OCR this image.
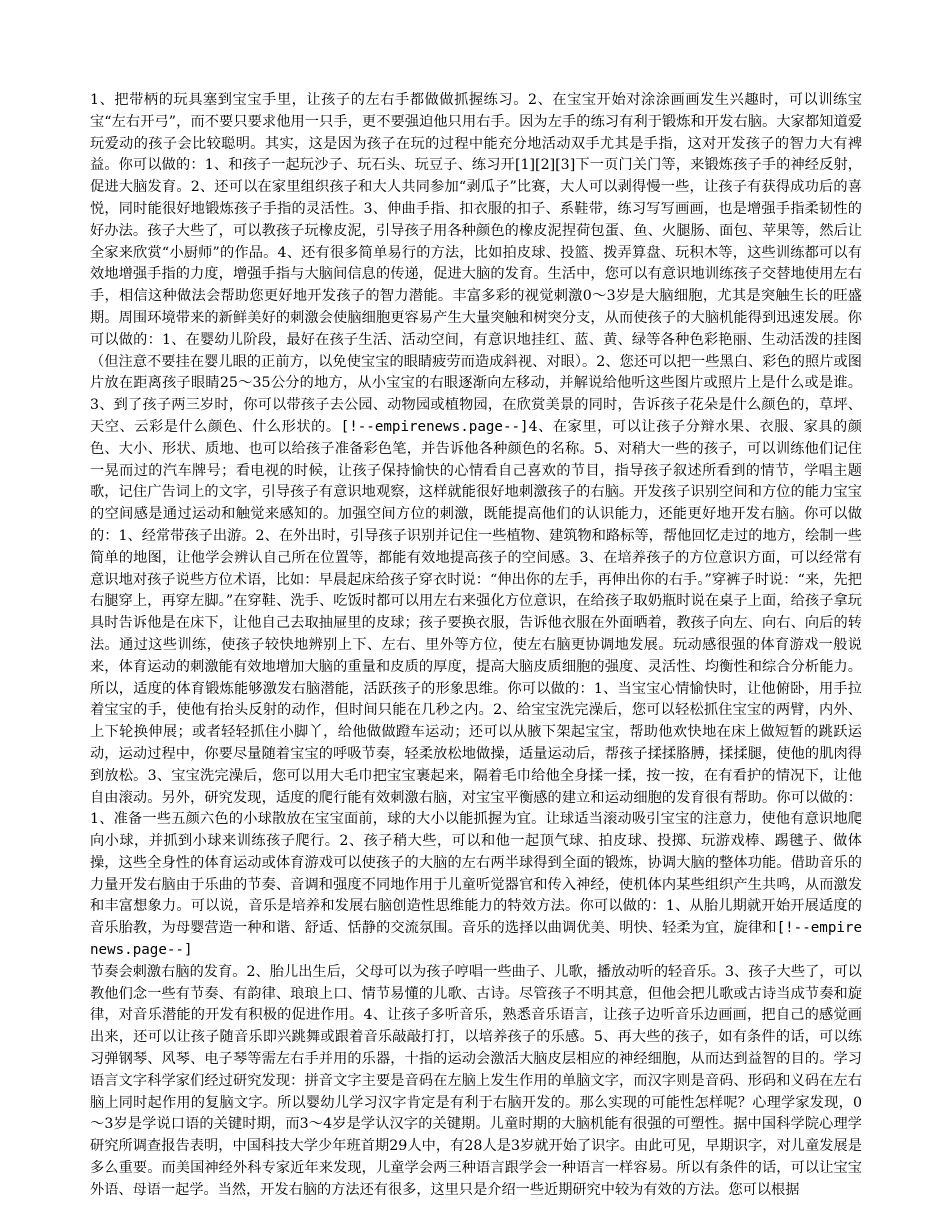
1、把带柄的玩具塞到宝宝手里，让孩子的左右手都做做抓握练习。2、在宝宝开始对涂涂画画发生兴趣时，可以训练宝宝“左右开弓”，而不要只要求他用一只手，更不要强迫他只用右手。因为左手的练习有利于锻炼和开发右脑。大家都知道爱玩爱动的孩子会比较聪明。其实，这是因为孩子在玩的过程中能充分地活动双手尤其是手指，这对开发孩子的智力大有裨益。你可以做的：1、和孩子一起玩沙子、玩石头、玩豆子、练习开[1][2][3]下一页门关门等，来锻炼孩子手的神经反射，促进大脑发育。2、还可以在家里组织孩子和大人共同参加“剥瓜子”比赛，大人可以剥得慢一些，让孩子有获得成功后的喜悦，同时能很好地锻炼孩子手指的灵活性。3、伸曲手指、扣衣服的扣子、系鞋带，练习写写画画，也是增强手指柔韧性的好办法。孩子大些了，可以教孩子玩橡皮泥，引导孩子用各种颜色的橡皮泥捏荷包蛋、鱼、火腿肠、面包、苹果等，然后让全家来欣赏“小厨师”的作品。4、还有很多简单易行的方法，比如拍皮球、投篮、拨弄算盘、玩积木等，这些训练都可以有效地增强手指的力度，增强手指与大脑间信息的传递，促进大脑的发育。生活中，您可以有意识地训练孩子交替地使用左右手，相信这种做法会帮助您更好地开发孩子的智力潜能。丰富多彩的视觉刺激0～3岁是大脑细胞，尤其是突触生长的旺盛期。周围环境带来的新鲜美好的刺激会使脑细胞更容易产生大量突触和树突分支，从而使孩子的大脑机能得到迅速发展。你可以做的：1、在婴幼儿阶段，最好在孩子生活、活动空间，有意识地挂红、蓝、黄、绿等各种色彩艳丽、生动活泼的挂图（但注意不要挂在婴儿眼的正前方，以免使宝宝的眼睛疲劳而造成斜视、对眼）。2、您还可以把一些黑白、彩色的照片或图片放在距离孩子眼睛25～35公分的地方，从小宝宝的右眼逐渐向左移动，并解说给他听这些图片或照片上是什么或是谁。3、到了孩子两三岁时，你可以带孩子去公园、动物园或植物园，在欣赏美景的同时，告诉孩子花朵是什么颜色的，草坪、天空、云彩是什么颜色、什么形状的。[!--empirenews.page--]4、在家里，可以让孩子分辩水果、衣服、家具的颜色、大小、形状、质地、也可以给孩子准备彩色笔，并告诉他各种颜色的名称。5、对稍大一些的孩子，可以训练他们记住一晃而过的汽车牌号；看电视的时候，让孩子保持愉快的心情看自己喜欢的节目，指导孩子叙述所看到的情节，学唱主题歌，记住广告词上的文字，引导孩子有意识地观察，这样就能很好地刺激孩子的右脑。开发孩子识别空间和方位的能力宝宝的空间感是通过运动和触觉来感知的。加强空间方位的刺激，既能提高他们的认识能力，还能更好地开发右脑。你可以做的：1、经常带孩子出游。2、在外出时，引导孩子识别并记住一些植物、建筑物和路标等，帮他回忆走过的地方，绘制一些简单的地图，让他学会辨认自己所在位置等，都能有效地提高孩子的空间感。3、在培养孩子的方位意识方面，可以经常有意识地对孩子说些方位术语，比如：早晨起床给孩子穿衣时说：“伸出你的左手，再伸出你的右手。”穿裤子时说：“来，先把右腿穿上，再穿左脚。”在穿鞋、洗手、吃饭时都可以用左右来强化方位意识，在给孩子取奶瓶时说在桌子上面，给孩子拿玩具时告诉他是在床下，让他自己去取抽屉里的皮球；孩子要换衣服，告诉他衣服在外面晒着，教孩子向左、向右、向后的转法。通过这些训练，使孩子较快地辨别上下、左右、里外等方位，使左右脑更协调地发展。玩动感很强的体育游戏一般说来，体育运动的刺激能有效地增加大脑的重量和皮质的厚度，提高大脑皮质细胞的强度、灵活性、均衡性和综合分析能力。所以，适度的体育锻炼能够激发右脑潜能，活跃孩子的形象思维。你可以做的：1、当宝宝心情愉快时，让他俯卧，用手拉着宝宝的手，使他有抬头反射的动作，但时间只能在几秒之内。2、给宝宝洗完澡后，您可以轻松抓住宝宝的两臂，内外、上下轮换伸展；或者轻轻抓住小脚丫，给他做做蹬车运动；还可以从腋下架起宝宝，帮助他欢快地在床上做短暂的跳跃运动，运动过程中，你要尽量随着宝宝的呼吸节奏，轻柔放松地做操，适量运动后，帮孩子揉揉胳膊，揉揉腿，使他的肌肉得到放松。3、宝宝洗完澡后，您可以用大毛巾把宝宝裹起来，隔着毛巾给他全身揉一揉，按一按，在有看护的情况下，让他自由滚动。另外，研究发现，适度的爬行能有效刺激右脑，对宝宝平衡感的建立和运动细胞的发育很有帮助。你可以做的：1、准备一些五颜六色的小球散放在宝宝面前，球的大小以能抓握为宜。让球适当滚动吸引宝宝的注意力，使他有意识地爬向小球，并抓到小球来训练孩子爬行。2、孩子稍大些，可以和他一起顶气球、拍皮球、投掷、玩游戏棒、踢毽子、做体操，这些全身性的体育运动或体育游戏可以使孩子的大脑的左右两半球得到全面的锻炼，协调大脑的整体功能。借助音乐的力量开发右脑由于乐曲的节奏、音调和强度不同地作用于儿童听觉器官和传入神经，使机体内某些组织产生共鸣，从而激发和丰富想象力。可以说，音乐是培养和发展右脑创造性思维能力的特效方法。你可以做的：1、从胎儿期就开始开展适度的音乐胎教，为母婴营造一种和谐、舒适、恬静的交流氛围。音乐的选择以曲调优美、明快、轻柔为宜，旋律和[!--empirenews.page--]
节奏会刺激右脑的发育。2、胎儿出生后，父母可以为孩子哼唱一些曲子、儿歌，播放动听的轻音乐。3、孩子大些了，可以教他们念一些有节奏、有韵律、琅琅上口、情节易懂的儿歌、古诗。尽管孩子不明其意，但他会把儿歌或古诗当成节奏和旋律，对音乐潜能的开发有积极的促进作用。4、让孩子多听音乐，熟悉音乐语言，让孩子边听音乐边画画，把自己的感觉画出来，还可以让孩子随音乐即兴跳舞或跟着音乐敲敲打打，以培养孩子的乐感。5、再大些的孩子，如有条件的话，可以练习弹钢琴、风琴、电子琴等需左右手并用的乐器，十指的运动会激活大脑皮层相应的神经细胞，从而达到益智的目的。学习语言文字科学家们经过研究发现：拼音文字主要是音码在左脑上发生作用的单脑文字，而汉字则是音码、形码和义码在左右脑上同时起作用的复脑文字。所以婴幼儿学习汉字肯定是有利于右脑开发的。那么实现的可能性怎样呢？心理学家发现，0～3岁是学说口语的关键时期，而3～4岁是学认汉字的关键期。儿童时期的大脑机能有很强的可塑性。据中国科学院心理学研究所调查报告表明，中国科技大学少年班首期29人中，有28人是3岁就开始了识字。由此可见，早期识字，对儿童发展是多么重要。而美国神经外科专家近年来发现，儿童学会两三种语言跟学会一种语言一样容易。所以有条件的话，可以让宝宝外语、母语一起学。当然，开发右脑的方法还有很多，这里只是介绍一些近期研究中较为有效的方法。您可以根据
